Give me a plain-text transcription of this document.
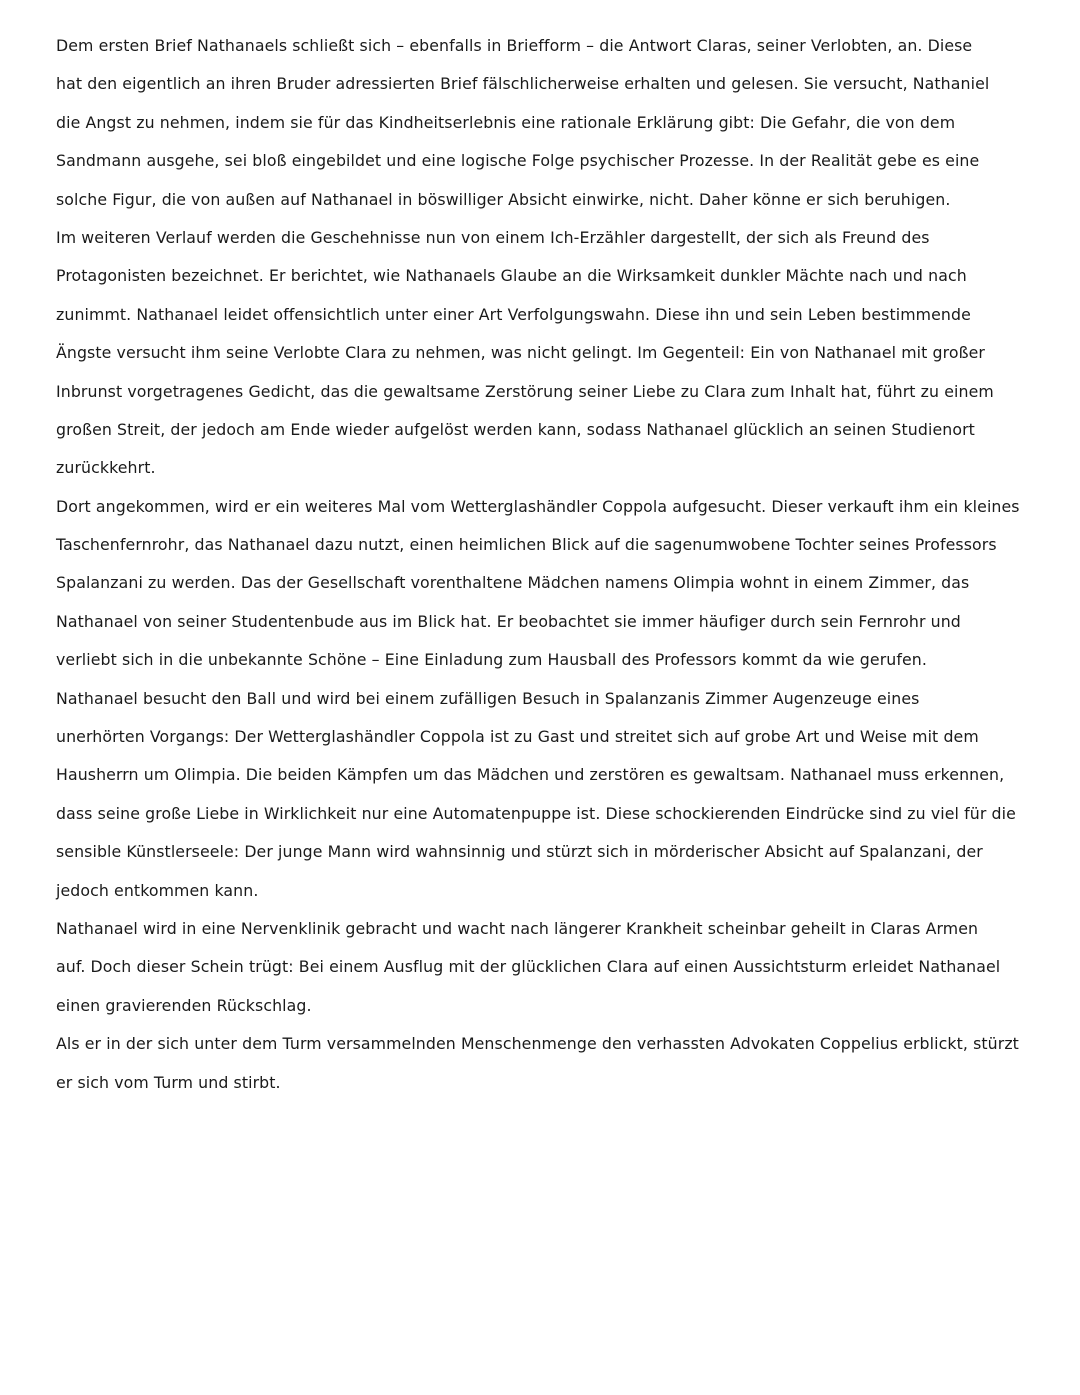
Dem ersten Brief Nathanaels schließt sich – ebenfalls in Briefform – die Antwort Claras, seiner Verlobten, an. Diese
hat den eigentlich an ihren Bruder adressierten Brief fälschlicherweise erhalten und gelesen. Sie versucht, Nathaniel
die Angst zu nehmen, indem sie für das Kindheitserlebnis eine rationale Erklärung gibt: Die Gefahr, die von dem
Sandmann ausgehe, sei bloß eingebildet und eine logische Folge psychischer Prozesse. In der Realität gebe es eine
solche Figur, die von außen auf Nathanael in böswilliger Absicht einwirke, nicht. Daher könne er sich beruhigen.
Im weiteren Verlauf werden die Geschehnisse nun von einem Ich-Erzähler dargestellt, der sich als Freund des
Protagonisten bezeichnet. Er berichtet, wie Nathanaels Glaube an die Wirksamkeit dunkler Mächte nach und nach
zunimmt. Nathanael leidet offensichtlich unter einer Art Verfolgungswahn. Diese ihn und sein Leben bestimmende
Ängste versucht ihm seine Verlobte Clara zu nehmen, was nicht gelingt. Im Gegenteil: Ein von Nathanael mit großer
Inbrunst vorgetragenes Gedicht, das die gewaltsame Zerstörung seiner Liebe zu Clara zum Inhalt hat, führt zu einem
großen Streit, der jedoch am Ende wieder aufgelöst werden kann, sodass Nathanael glücklich an seinen Studienort
zurückkehrt.
Dort angekommen, wird er ein weiteres Mal vom Wetterglashändler Coppola aufgesucht. Dieser verkauft ihm ein kleines
Taschenfernrohr, das Nathanael dazu nutzt, einen heimlichen Blick auf die sagenumwobene Tochter seines Professors
Spalanzani zu werden. Das der Gesellschaft vorenthaltene Mädchen namens Olimpia wohnt in einem Zimmer, das
Nathanael von seiner Studentenbude aus im Blick hat. Er beobachtet sie immer häufiger durch sein Fernrohr und
verliebt sich in die unbekannte Schöne – Eine Einladung zum Hausball des Professors kommt da wie gerufen.
Nathanael besucht den Ball und wird bei einem zufälligen Besuch in Spalanzanis Zimmer Augenzeuge eines
unerhörten Vorgangs: Der Wetterglashändler Coppola ist zu Gast und streitet sich auf grobe Art und Weise mit dem
Hausherrn um Olimpia. Die beiden Kämpfen um das Mädchen und zerstören es gewaltsam. Nathanael muss erkennen,
dass seine große Liebe in Wirklichkeit nur eine Automatenpuppe ist. Diese schockierenden Eindrücke sind zu viel für die
sensible Künstlerseele: Der junge Mann wird wahnsinnig und stürzt sich in mörderischer Absicht auf Spalanzani, der
jedoch entkommen kann.
Nathanael wird in eine Nervenklinik gebracht und wacht nach längerer Krankheit scheinbar geheilt in Claras Armen
auf. Doch dieser Schein trügt: Bei einem Ausflug mit der glücklichen Clara auf einen Aussichtsturm erleidet Nathanael
einen gravierenden Rückschlag.
Als er in der sich unter dem Turm versammelnden Menschenmenge den verhassten Advokaten Coppelius erblickt, stürzt
er sich vom Turm und stirbt.
